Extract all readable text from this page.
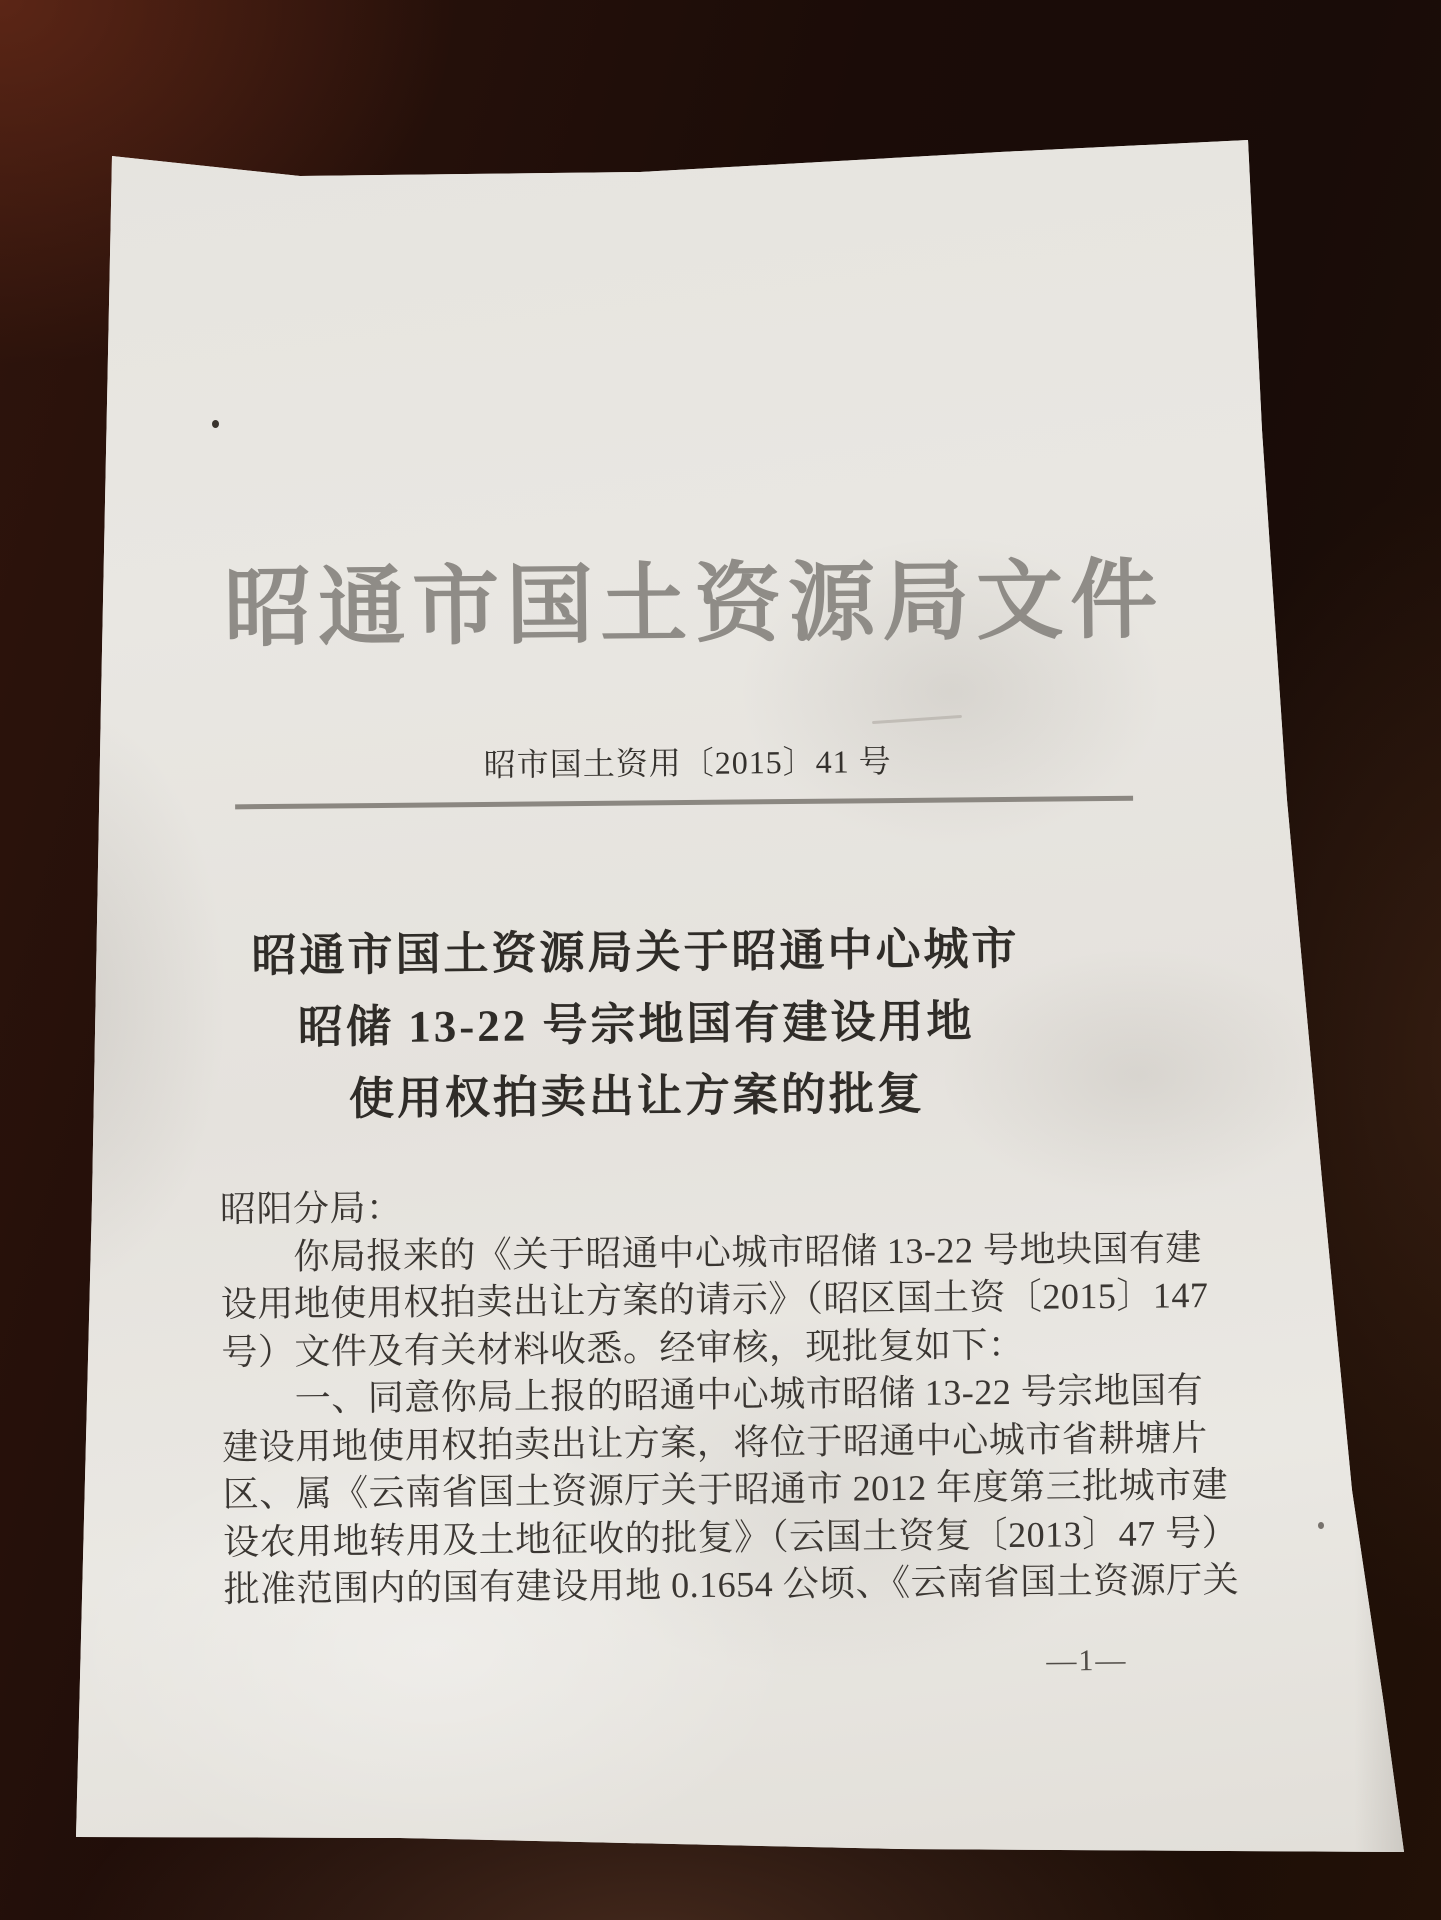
昭通市国土资源局文件
昭市国土资用〔2015〕41 号
昭通市国土资源局关于昭通中心城市
昭储 13-22 号宗地国有建设用地
使用权拍卖出让方案的批复
昭阳分局：
　　你局报来的《关于昭通中心城市昭储 13-22 号地块国有建
设用地使用权拍卖出让方案的请示》（昭区国土资〔2015〕147
号）文件及有关材料收悉。经审核，现批复如下：
　　一、同意你局上报的昭通中心城市昭储 13-22 号宗地国有
建设用地使用权拍卖出让方案，将位于昭通中心城市省耕塘片
区、属《云南省国土资源厅关于昭通市 2012 年度第三批城市建
设农用地转用及土地征收的批复》（云国土资复〔2013〕47 号）
批准范围内的国有建设用地 0.1654 公顷、《云南省国土资源厅关
—1—
